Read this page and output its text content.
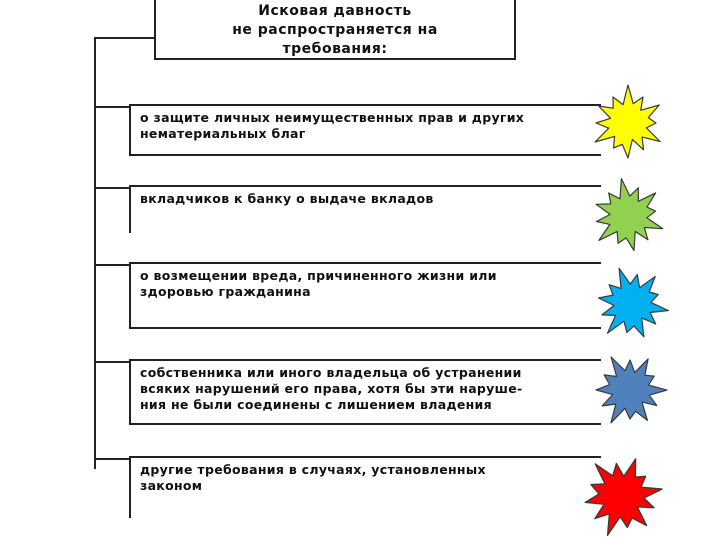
Исковая давность
не распространяется на
требования:
о защите личных неимущественных прав и других
нематериальных благ
вкладчиков к банку о выдаче вкладов
о возмещении вреда, причиненного жизни или
здоровью гражданина
собственника или иного владельца об устранении
всяких нарушений его права, хотя бы эти наруше-
ния не были соединены с лишением владения
другие требования в случаях, установленных
законом
